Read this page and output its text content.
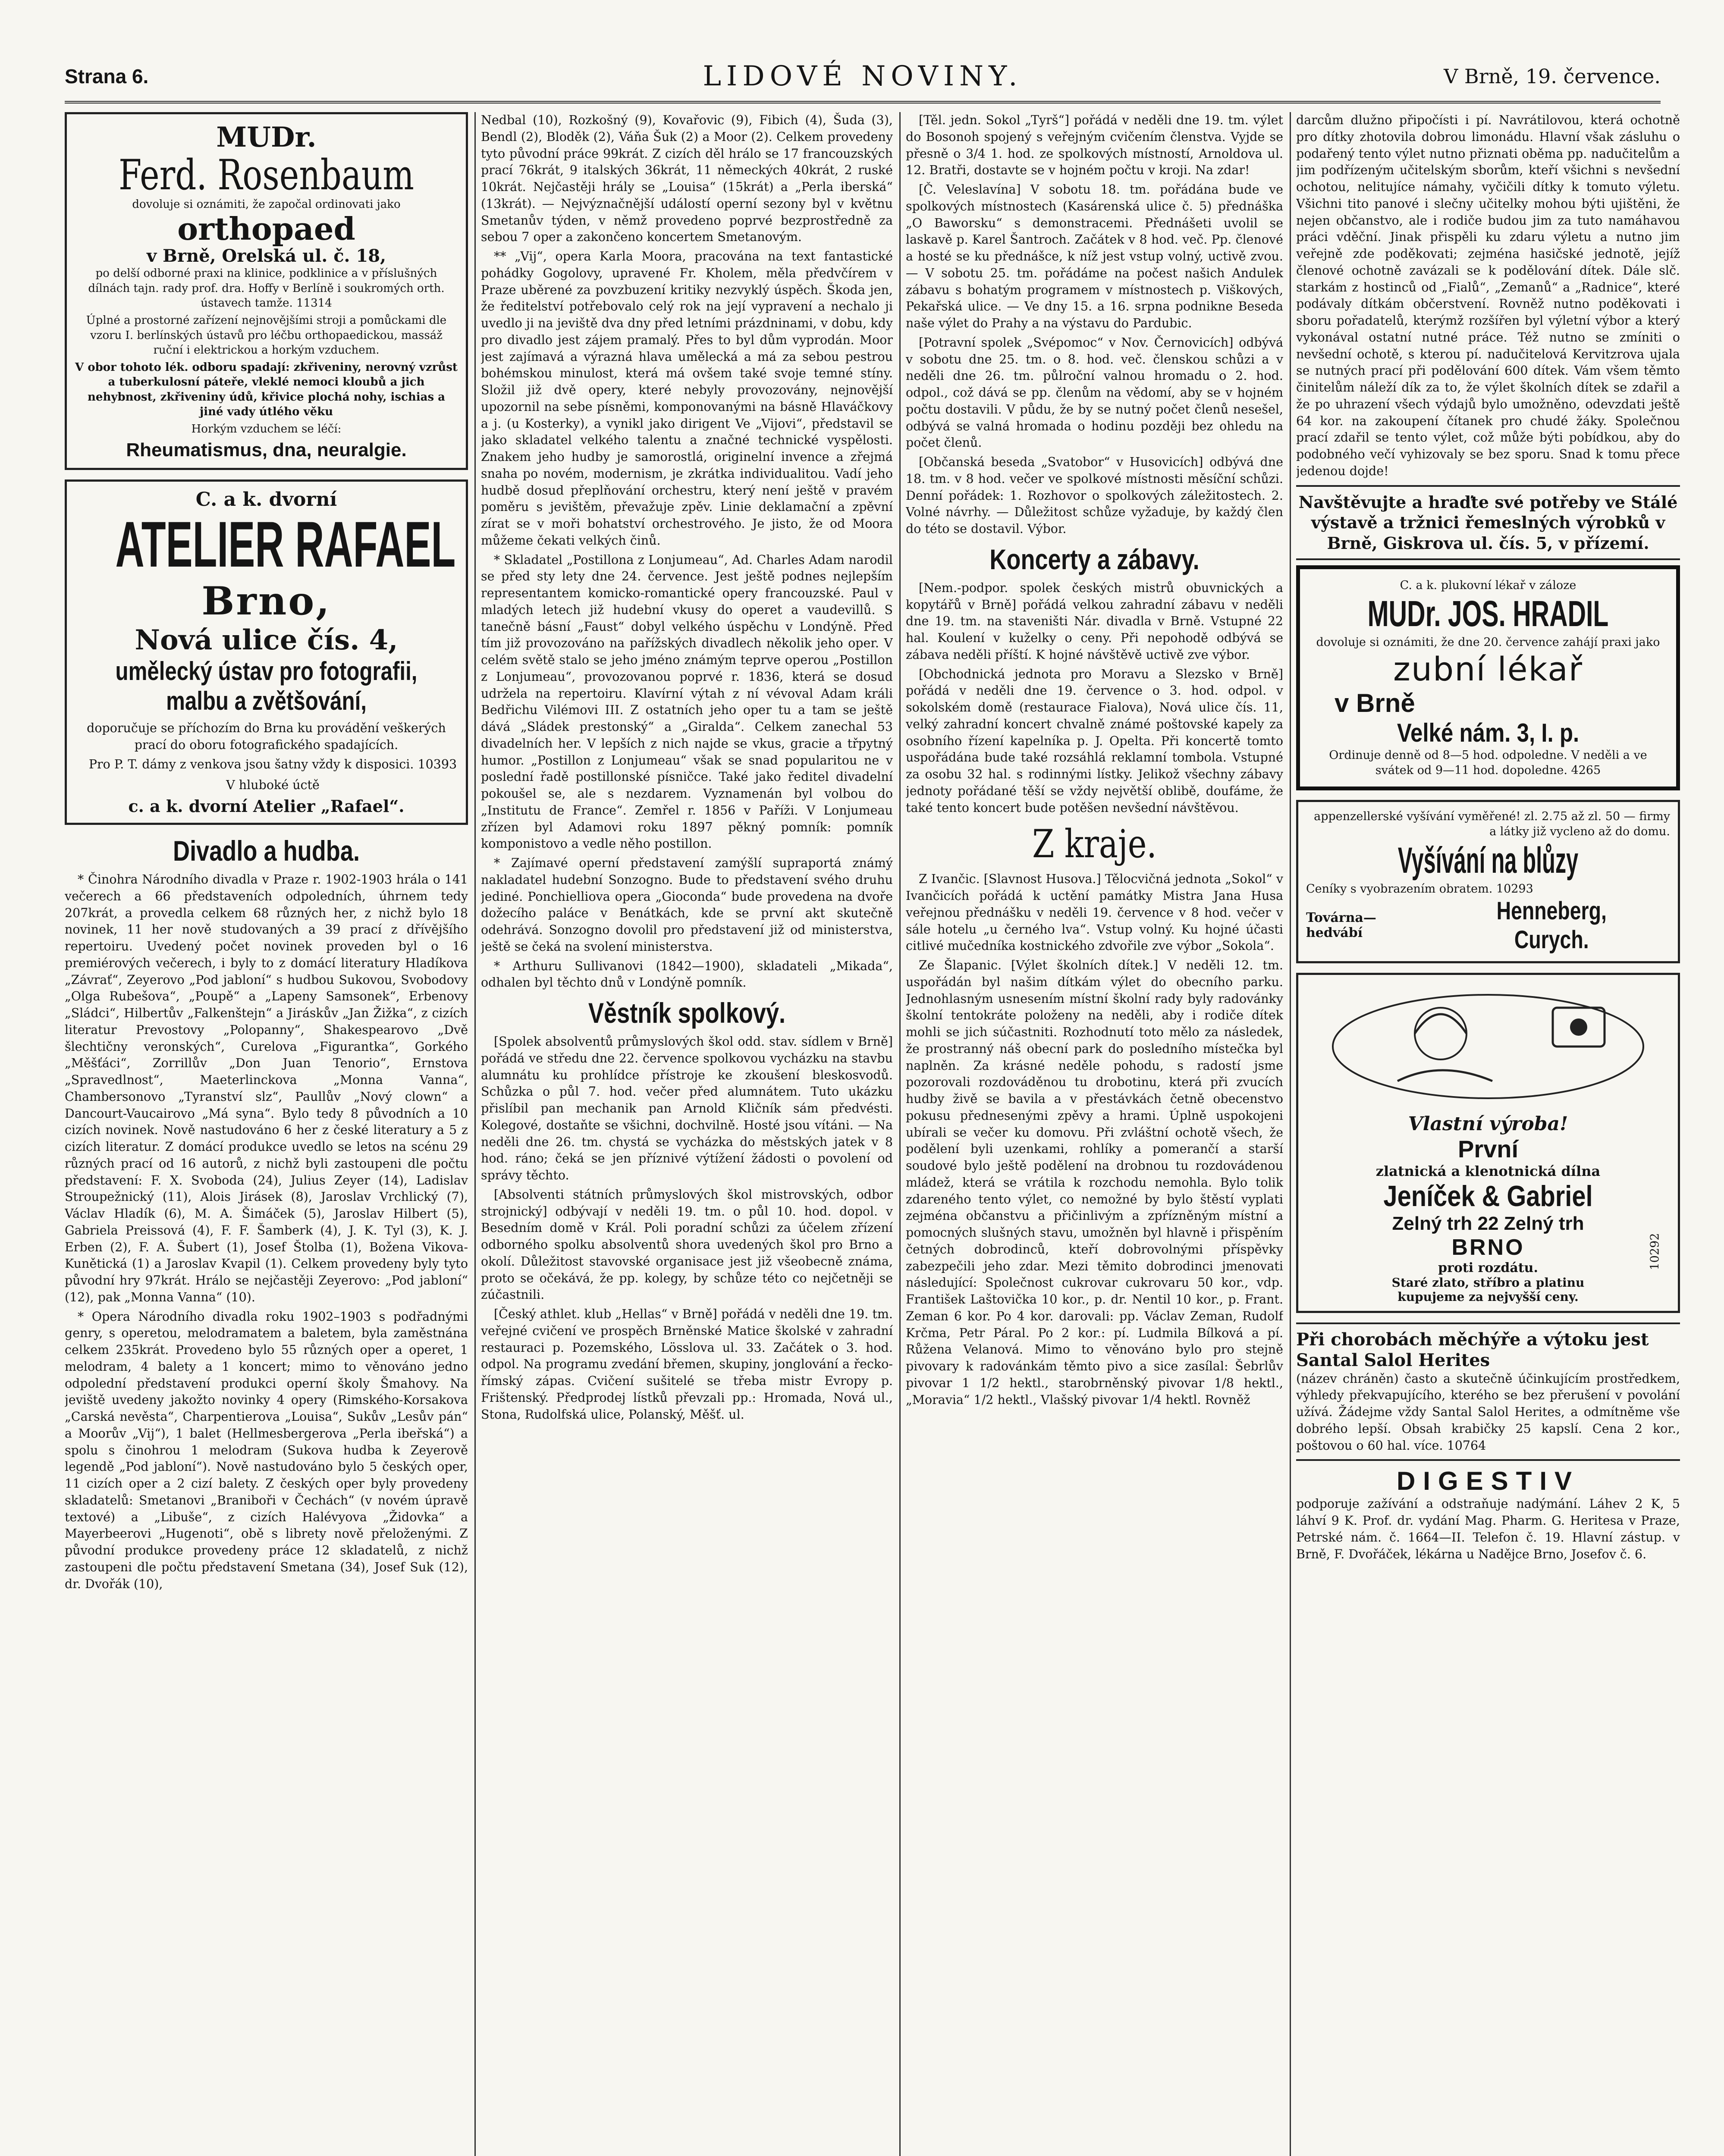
Strana 6.	LIDOVÉ NOVINY.	V Brně, 19. července.
MUDr.
Ferd. Rosenbaum
dovoluje si oznámiti, že započal ordinovati jako
orthopaed
v Brně, Orelská ul. č. 18,
po delší odborné praxi na klinice, podklinice a v příslušných dílnách tajn. rady prof. dra. Hoffy v Berlíně i soukromých orth. ústavech tamže. 11314
Úplné a prostorné zařízení nejnovějšími stroji a pomůckami dle vzoru I. berlínských ústavů pro léčbu orthopaedickou, massáž ruční i elektrickou a horkým vzduchem.
V obor tohoto lék. odboru spadají: zkřiveniny, nerovný vzrůst a tuberkulosní páteře, vleklé nemoci kloubů a jich nehybnost, zkřiveniny údů, křivice plochá nohy, ischias a jiné vady útlého věku
Horkým vzduchem se léčí:
Rheumatismus, dna, neuralgie.
C. a k. dvorní
ATELIER RAFAEL
Brno,
Nová ulice čís. 4,
umělecký ústav pro fotografii, malbu a zvětšování,
doporučuje se příchozím do Brna ku provádění veškerých prací do oboru fotografického spadajících.
Pro P. T. dámy z venkova jsou šatny vždy k disposici. 10393
V hluboké úctě
c. a k. dvorní Atelier „Rafael“.
Divadlo a hudba.
* Činohra Národního divadla v Praze r. 1902-1903 hrála o 141 večerech a 66 představeních odpoledních, úhrnem tedy 207krát, a provedla celkem 68 různých her, z nichž bylo 18 novinek, 11 her nově studovaných a 39 prací z dřívějšího repertoiru. Uvedený počet novinek proveden byl o 16 premiérových večerech, i byly to z domácí literatury Hladíkova „Závrať“, Zeyerovo „Pod jabloní“ s hudbou Sukovou, Svobodovy „Olga Rubešova“, „Poupě“ a „Lapeny Samsonek“, Erbenovy „Sládci“, Hilbertův „Falkenštejn“ a Jiráskův „Jan Žižka“, z cizích literatur Prevostovy „Polopanny“, Shakespearovo „Dvě šlechtičny veronských“, Curelova „Figurantka“, Gorkého „Měšťáci“, Zorrillův „Don Juan Tenorio“, Ernstova „Spravedlnost“, Maeterlinckova „Monna Vanna“, Chambersonovo „Tyranství slz“, Paullův „Nový clown“ a Dancourt-Vaucairovo „Má syna“. Bylo tedy 8 původních a 10 cizích novinek. Nově nastudováno 6 her z české literatury a 5 z cizích literatur. Z domácí produkce uvedlo se letos na scénu 29 různých prací od 16 autorů, z nichž byli zastoupeni dle počtu představení: F. X. Svoboda (24), Julius Zeyer (14), Ladislav Stroupežnický (11), Alois Jirásek (8), Jaroslav Vrchlický (7), Václav Hladík (6), M. A. Šimáček (5), Jaroslav Hilbert (5), Gabriela Preissová (4), F. F. Šamberk (4), J. K. Tyl (3), K. J. Erben (2), F. A. Šubert (1), Josef Štolba (1), Božena Vikova-Kunětická (1) a Jaroslav Kvapil (1). Celkem provedeny byly tyto původní hry 97krát. Hrálo se nejčastěji Zeyerovo: „Pod jabloní“ (12), pak „Monna Vanna“ (10).
* Opera Národního divadla roku 1902–1903 s podřadnými genry, s operetou, melodramatem a baletem, byla zaměstnána celkem 235krát. Provedeno bylo 55 různých oper a operet, 1 melodram, 4 balety a 1 koncert; mimo to věnováno jedno odpolední představení produkci operní školy Šmahovy. Na jeviště uvedeny jakožto novinky 4 opery (Rimského-Korsakova „Carská nevěsta“, Charpentierova „Louisa“, Sukův „Lesův pán“ a Moorův „Vij“), 1 balet (Hellmesbergerova „Perla ibeřská“) a spolu s činohrou 1 melodram (Sukova hudba k Zeyerově legendě „Pod jabloní“). Nově nastudováno bylo 5 českých oper, 11 cizích oper a 2 cizí balety. Z českých oper byly provedeny skladatelů: Smetanovi „Braniboři v Čechách“ (v novém úpravě textové) a „Libuše“, z cizích Halévyova „Židovka“ a Mayerbeerovi „Hugenoti“, obě s librety nově přeloženými. Z původní produkce provedeny práce 12 skladatelů, z nichž zastoupeni dle počtu představení Smetana (34), Josef Suk (12), dr. Dvořák (10),
Nedbal (10), Rozkošný (9), Kovařovic (9), Fibich (4), Šuda (3), Bendl (2), Bloděk (2), Váňa Šuk (2) a Moor (2). Celkem provedeny tyto původní práce 99krát. Z cizích děl hrálo se 17 francouzských prací 76krát, 9 italských 36krát, 11 německých 40krát, 2 ruské 10krát. Nejčastěji hrály se „Louisa“ (15krát) a „Perla iberská“ (13krát). — Nejvýznačnější událostí operní sezony byl v květnu Smetanův týden, v němž provedeno poprvé bezprostředně za sebou 7 oper a zakončeno koncertem Smetanovým.
** „Vij“, opera Karla Moora, pracována na text fantastické pohádky Gogolovy, upravené Fr. Kholem, měla předvčírem v Praze uběrené za povzbuzení kritiky nezvyklý úspěch. Škoda jen, že ředitelství potřebovalo celý rok na její vypravení a nechalo ji uvedlo ji na jeviště dva dny před letními prázdninami, v dobu, kdy pro divadlo jest zájem pramalý. Přes to byl dům vyprodán. Moor jest zajímavá a výrazná hlava umělecká a má za sebou pestrou bohémskou minulost, která má ovšem také svoje temné stíny. Složil již dvě opery, které nebyly provozovány, nejnovější upozornil na sebe písněmi, komponovanými na básně Hlaváčkovy a j. (u Kosterky), a vynikl jako dirigent Ve „Vijovi“, představil se jako skladatel velkého talentu a značné technické vyspělosti. Znakem jeho hudby je samorostlá, originelní invence a zřejmá snaha po novém, modernism, je zkrátka individualitou. Vadí jeho hudbě dosud přeplňování orchestru, který není ještě v pravém poměru s jevištěm, převažuje zpěv. Linie deklamační a zpěvní zírat se v moři bohatství orchestrového. Je jisto, že od Moora můžeme čekati velkých činů.
* Skladatel „Postillona z Lonjumeau“, Ad. Charles Adam narodil se před sty lety dne 24. července. Jest ještě podnes nejlepším representantem komicko-romantické opery francouzské. Paul v mladých letech již hudební vkusy do operet a vaudevillů. S tanečně básní „Faust“ dobyl velkého úspěchu v Londýně. Před tím již provozováno na pařížských divadlech několik jeho oper. V celém světě stalo se jeho jméno známým teprve operou „Postillon z Lonjumeau“, provozovanou poprvé r. 1836, která se dosud udržela na repertoiru. Klavírní výtah z ní vévoval Adam králi Bedřichu Vilémovi III. Z ostatních jeho oper tu a tam se ještě dává „Sládek prestonský“ a „Giralda“. Celkem zanechal 53 divadelních her. V lepších z nich najde se vkus, gracie a třpytný humor. „Postillon z Lonjumeau“ však se snad popularitou ne v poslední řadě postillonské písničce. Také jako ředitel divadelní pokoušel se, ale s nezdarem. Vyznamenán byl volbou do „Institutu de France“. Zemřel r. 1856 v Paříži. V Lonjumeau zřízen byl Adamovi roku 1897 pěkný pomník: pomník komponistovo a vedle něho postillon.
* Zajímavé operní představení zamýšlí supraportá známý nakladatel hudební Sonzogno. Bude to představení svého druhu jediné. Ponchielliova opera „Gioconda“ bude provedena na dvoře dožecího paláce v Benátkách, kde se první akt skutečně odehrává. Sonzogno dovolil pro představení již od ministerstva, ještě se čeká na svolení ministerstva.
* Arthuru Sullivanovi (1842—1900), skladateli „Mikada“, odhalen byl těchto dnů v Londýně pomník.
Věstník spolkový.
[Spolek absolventů průmyslových škol odd. stav. sídlem v Brně] pořádá ve středu dne 22. července spolkovou vycházku na stavbu alumnátu ku prohlídce přístroje ke zkoušení bleskosvodů. Schůzka o půl 7. hod. večer před alumnátem. Tuto ukázku přislíbil pan mechanik pan Arnold Kličník sám předvésti. Kolegové, dostaňte se všichni, dochvilně. Hosté jsou vítáni. — Na neděli dne 26. tm. chystá se vycházka do městských jatek v 8 hod. ráno; čeká se jen příznivé výtížení žádosti o povolení od správy těchto.
[Absolventi státních průmyslových škol mistrovských, odbor strojnický] odbývají v neděli 19. tm. o půl 10. hod. dopol. v Besedním domě v Král. Poli poradní schůzi za účelem zřízení odborného spolku absolventů shora uvedených škol pro Brno a okolí. Důležitost stavovské organisace jest již všeobecně známa, proto se očekává, že pp. kolegy, by schůze této co nejčetněji se zúčastnili.
[Český athlet. klub „Hellas“ v Brně] pořádá v neděli dne 19. tm. veřejné cvičení ve prospěch Brněnské Matice školské v zahradní restauraci p. Pozemského, Lösslova ul. 33. Začátek o 3. hod. odpol. Na programu zvedání břemen, skupiny, jonglování a řecko-římský zápas. Cvičení sušitelé se třeba mistr Evropy p. Frištenský. Předprodej lístků převzali pp.: Hromada, Nová ul., Stona, Rudolfská ulice, Polanský, Měšť. ul.
[Těl. jedn. Sokol „Tyrš“] pořádá v neděli dne 19. tm. výlet do Bosonoh spojený s veřejným cvičením členstva. Vyjde se přesně o 3/4 1. hod. ze spolkových místností, Arnoldova ul. 12. Bratři, dostavte se v hojném počtu v kroji. Na zdar!
[Č. Veleslavína] V sobotu 18. tm. pořádána bude ve spolkových místnostech (Kasárenská ulice č. 5) přednáška „O Baworsku“ s demonstracemi. Přednášeti uvolil se laskavě p. Karel Šantroch. Začátek v 8 hod. več. Pp. členové a hosté se ku přednášce, k níž jest vstup volný, uctivě zvou. — V sobotu 25. tm. pořádáme na počest našich Andulek zábavu s bohatým programem v místnostech p. Viškových, Pekařská ulice. — Ve dny 15. a 16. srpna podnikne Beseda naše výlet do Prahy a na výstavu do Pardubic.
[Potravní spolek „Svépomoc“ v Nov. Černovicích] odbývá v sobotu dne 25. tm. o 8. hod. več. členskou schůzi a v neděli dne 26. tm. půlroční valnou hromadu o 2. hod. odpol., což dává se pp. členům na vědomí, aby se v hojném počtu dostavili. V půdu, že by se nutný počet členů nesešel, odbývá se valná hromada o hodinu později bez ohledu na počet členů.
[Občanská beseda „Svatobor“ v Husovicích] odbývá dne 18. tm. v 8 hod. večer ve spolkové místnosti měsíční schůzi. Denní pořádek: 1. Rozhovor o spolkových záležitostech. 2. Volné návrhy. — Důležitost schůze vyžaduje, by každý člen do této se dostavil. Výbor.
Koncerty a zábavy.
[Nem.-podpor. spolek českých mistrů obuvnických a kopytářů v Brně] pořádá velkou zahradní zábavu v neděli dne 19. tm. na staveništi Nár. divadla v Brně. Vstupné 22 hal. Koulení v kuželky o ceny. Při nepohodě odbývá se zábava neděli příští. K hojné návštěvě uctivě zve výbor.
[Obchodnická jednota pro Moravu a Slezsko v Brně] pořádá v neděli dne 19. července o 3. hod. odpol. v sokolském domě (restaurace Fialova), Nová ulice čís. 11, velký zahradní koncert chvalně známé poštovské kapely za osobního řízení kapelníka p. J. Opelta. Při koncertě tomto uspořádána bude také rozsáhlá reklamní tombola. Vstupné za osobu 32 hal. s rodinnými lístky. Jelikož všechny zábavy jednoty pořádané těší se vždy největší oblibě, doufáme, že také tento koncert bude potěšen nevšední návštěvou.
Z kraje.
Z Ivančic. [Slavnost Husova.] Tělocvičná jednota „Sokol“ v Ivančicích pořádá k uctění památky Mistra Jana Husa veřejnou přednášku v neděli 19. července v 8 hod. večer v sále hotelu „u černého lva“. Vstup volný. Ku hojné účasti citlivé mučedníka kostnického zdvořile zve výbor „Sokola“.
Ze Šlapanic. [Výlet školních dítek.] V neděli 12. tm. uspořádán byl našim dítkám výlet do obecního parku. Jednohlasným usnesením místní školní rady byly radovánky školní tentokráte položeny na neděli, aby i rodiče dítek mohli se jich súčastniti. Rozhodnutí toto mělo za následek, že prostranný náš obecní park do posledního místečka byl naplněn. Za krásné neděle pohodu, s radostí jsme pozorovali rozdováděnou tu drobotinu, která při zvucích hudby živě se bavila a v přestávkách četně obecenstvo pokusu přednesenými zpěvy a hrami. Úplně uspokojeni ubírali se večer ku domovu. Při zvláštní ochotě všech, že podělení byli uzenkami, rohlíky a pomerančí a starší soudové bylo ještě podělení na drobnou tu rozdovádenou mládež, která se vrátila k rozchodu nemohla. Bylo tolik zdareného tento výlet, co nemožné by bylo štěstí vyplati zejména občanstvu a přičinlivým a zpŕízněným místní a pomocných slušných stavu, umožněn byl hlavně i přispěním četných dobrodinců, kteří dobrovolnými příspěvky zabezpečili jeho zdar. Mezi těmito dobrodinci jmenovati následující: Společnost cukrovar cukrovaru 50 kor., vdp. František Laštovička 10 kor., p. dr. Nentil 10 kor., p. Frant. Zeman 6 kor. Po 4 kor. darovali: pp. Václav Zeman, Rudolf Krčma, Petr Páral. Po 2 kor.: pí. Ludmila Bílková a pí. Růžena Velanová. Mimo to věnováno bylo pro stejně pivovary k radovánkám těmto pivo a sice zasílal: Šebrlův pivovar 1 1/2 hektl., starobrněnský pivovar 1/8 hektl., „Moravia“ 1/2 hektl., Vlašský pivovar 1/4 hektl. Rovněž
darcům dlužno připočísti i pí. Navrátilovou, která ochotně pro dítky zhotovila dobrou limonádu. Hlavní však zásluhu o podařený tento výlet nutno přiznati oběma pp. nadučitelům a jim podřízeným učitelským sborům, kteří všichni s nevšední ochotou, nelitujíce námahy, vyčičili dítky k tomuto výletu. Všichni tito panové i slečny učitelky mohou býti ujištěni, že nejen občanstvo, ale i rodiče budou jim za tuto namáhavou práci vděční. Jinak přispěli ku zdaru výletu a nutno jim veřejně zde poděkovati; zejména hasičské jednotě, jejíž členové ochotně zavázali se k podělování dítek. Dále slč. starkám z hostinců od „Fialů“, „Zemanů“ a „Radnice“, které podávaly dítkám občerstvení. Rovněž nutno poděkovati i sboru pořadatelů, kterýmž rozšířen byl výletní výbor a který vykonával ostatní nutné práce. Též nutno se zmíniti o nevšední ochotě, s kterou pí. nadučitelová Kervitzrova ujala se nutných prací při podělování 600 dítek. Vám všem těmto činitelům náleží dík za to, že výlet školních dítek se zdařil a že po uhrazení všech výdajů bylo umožněno, odevzdati ještě 64 kor. na zakoupení čítanek pro chudé žáky. Společnou prací zdařil se tento výlet, což může býti pobídkou, aby do podobného večí vyhizovaly se bez sporu. Snad k tomu přece jedenou dojde!
Navštěvujte a hraďte své potřeby ve Stálé výstavě a tržnici řemeslných výrobků v Brně, Giskrova ul. čís. 5, v přízemí.
C. a k. plukovní lékař v záloze
MUDr. JOS. HRADIL
dovoluje si oznámiti, že dne 20. července zahájí praxi jako
zubní lékař
v Brně
Velké nám. 3, I. p.
Ordinuje denně od 8—5 hod. odpoledne. V neděli a ve svátek od 9—11 hod. dopoledne. 4265
appenzellerské vyšívání vyměřené! zl. 2.75 až zl. 50 — firmy a látky již vycleno až do domu.
Vyšívání na blůzy
Ceníky s vyobrazením obratem. 10293
Továrna—hedvábí
Henneberg, Curych.
Vlastní výroba!
První
zlatnická a klenotnická dílna
Jeníček & Gabriel
Zelný trh 22 Zelný trh
BRNO
proti rozdátu.
Staré zlato, stříbro a platinu kupujeme za nejvyšší ceny.
10292
Při chorobách měchýře a výtoku jest Santal Salol Herites
(název chráněn) často a skutečně účinkujícím prostředkem, výhledy překvapujícího, kterého se bez přerušení v povolání užívá. Žádejme vždy Santal Salol Herites, a odmítněme vše dobrého lepší. Obsah krabičky 25 kapslí. Cena 2 kor., poštovou o 60 hal. více. 10764
DIGESTIV
podporuje zažívání a odstraňuje nadýmání. Láhev 2 K, 5 láhví 9 K. Prof. dr. vydání Mag. Pharm. G. Heritesa v Praze, Petrské nám. č. 1664—II. Telefon č. 19. Hlavní zástup. v Brně, F. Dvořáček, lékárna u Nadějce Brno, Josefov č. 6.
